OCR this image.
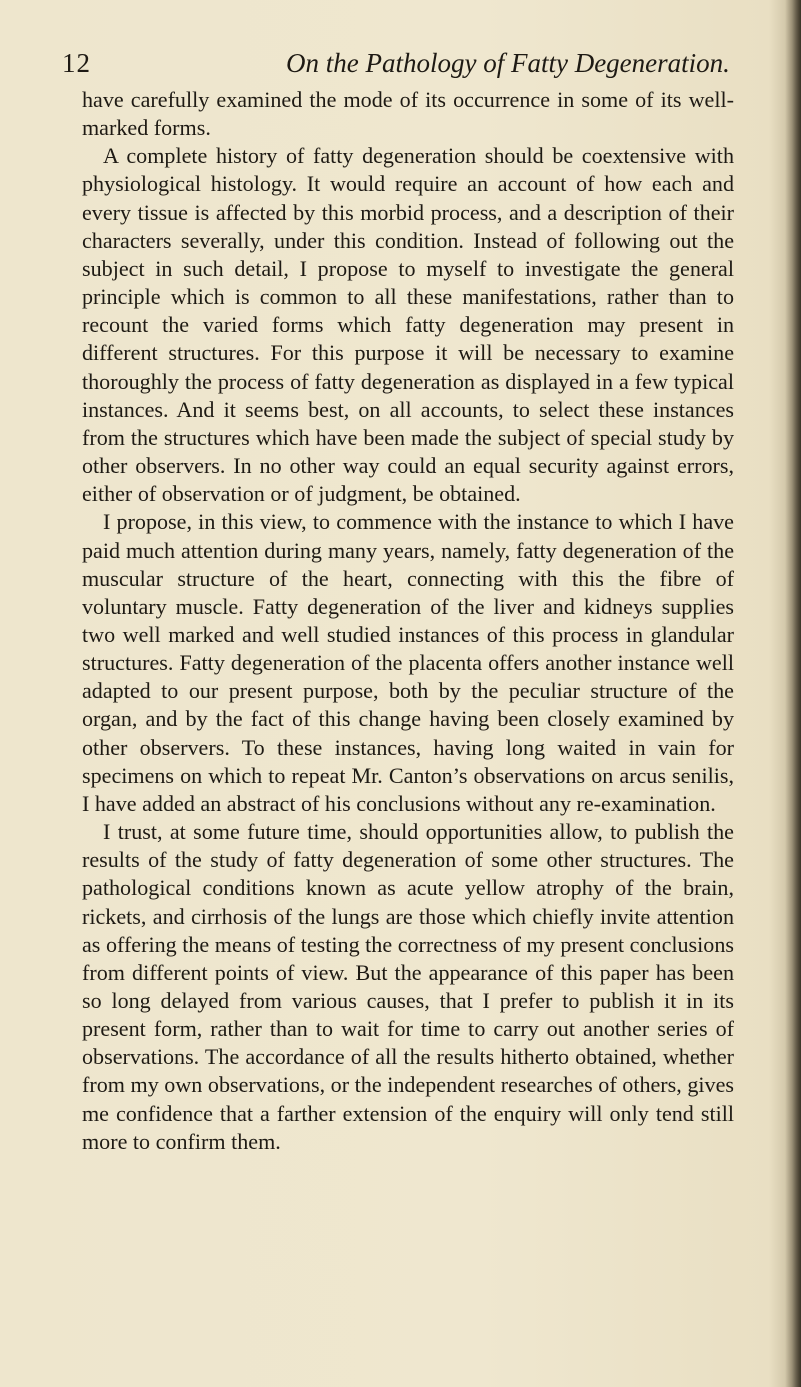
12	On the Pathology of Fatty Degeneration.

have carefully examined the mode of its occurrence in some of its well-marked forms.

A complete history of fatty degeneration should be coextensive with physiological histology. It would require an account of how each and every tissue is affected by this morbid process, and a description of their characters severally, under this condition. Instead of following out the subject in such detail, I propose to myself to investigate the general principle which is common to all these manifestations, rather than to recount the varied forms which fatty degeneration may present in different structures. For this purpose it will be necessary to examine thoroughly the process of fatty degeneration as displayed in a few typical instances. And it seems best, on all accounts, to select these instances from the structures which have been made the subject of special study by other observers. In no other way could an equal security against errors, either of observation or of judgment, be obtained.

I propose, in this view, to commence with the instance to which I have paid much attention during many years, namely, fatty degeneration of the muscular structure of the heart, connecting with this the fibre of voluntary muscle. Fatty degeneration of the liver and kidneys supplies two well marked and well studied instances of this process in glandular structures. Fatty degeneration of the placenta offers another instance well adapted to our present purpose, both by the peculiar structure of the organ, and by the fact of this change having been closely examined by other observers. To these instances, having long waited in vain for specimens on which to repeat Mr. Canton’s observations on arcus senilis, I have added an abstract of his conclusions without any re-examination.

I trust, at some future time, should opportunities allow, to publish the results of the study of fatty degeneration of some other structures. The pathological conditions known as acute yellow atrophy of the brain, rickets, and cirrhosis of the lungs are those which chiefly invite attention as offering the means of testing the correctness of my present conclusions from different points of view. But the appearance of this paper has been so long delayed from various causes, that I prefer to publish it in its present form, rather than to wait for time to carry out another series of observations. The accordance of all the results hitherto obtained, whether from my own observations, or the independent researches of others, gives me confidence that a farther extension of the enquiry will only tend still more to confirm them.
